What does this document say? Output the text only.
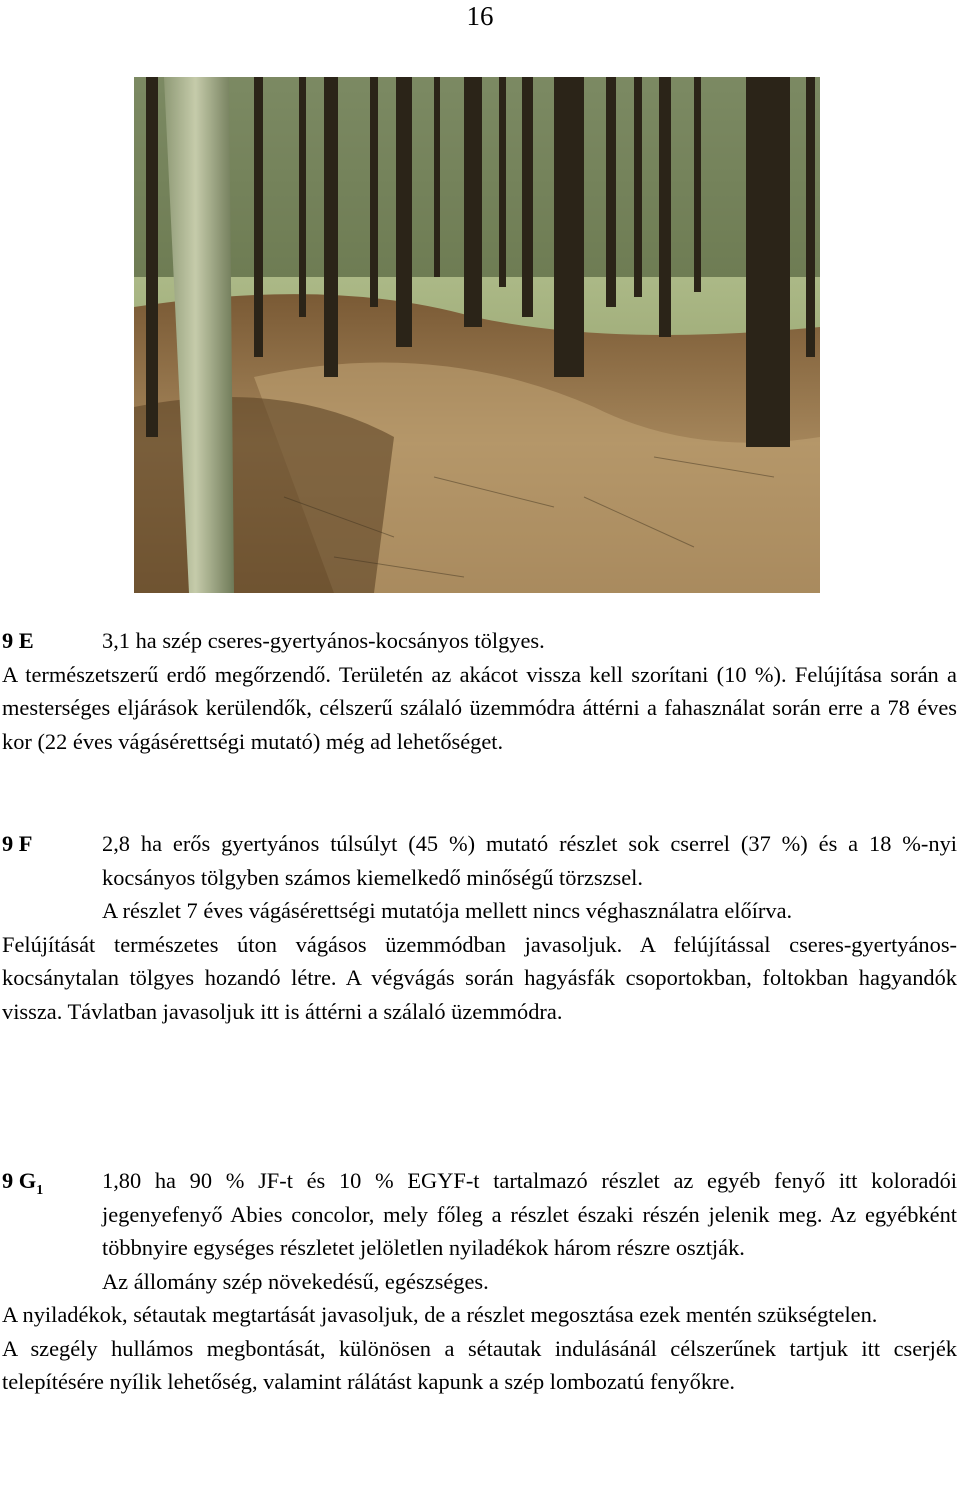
16
9 E	3,1 ha szép cseres-gyertyános-kocsányos tölgyes.
A természetszerű erdő megőrzendő. Területén az akácot vissza kell szorítani (10 %). Felújítása során a mesterséges eljárások kerülendők, célszerű szálaló üzemmódra áttérni a fahasználat során erre a 78 éves kor (22 éves vágásérettségi mutató) még ad lehetőséget.
9 F	2,8 ha erős gyertyános túlsúlyt (45 %) mutató részlet sok cserrel (37 %) és a 18 %-nyi kocsányos tölgyben számos kiemelkedő minőségű törzszsel.
A részlet 7 éves vágásérettségi mutatója mellett nincs véghasználatra előírva.
Felújítását természetes úton vágásos üzemmódban javasoljuk. A felújítással cseres-gyertyános-kocsánytalan tölgyes hozandó létre. A végvágás során hagyásfák csoportokban, foltokban hagyandók vissza. Távlatban javasoljuk itt is áttérni a szálaló üzemmódra.
9 $G_1$	1,80 ha 90 % JF-t és 10 % EGYF-t tartalmazó részlet az egyéb fenyő itt koloradói jegenyefenyő Abies concolor, mely főleg a részlet északi részén jelenik meg. Az egyébként többnyire egységes részletet jelöletlen nyiladékok három részre osztják.
Az állomány szép növekedésű, egészséges.
A nyiladékok, sétautak megtartását javasoljuk, de a részlet megosztása ezek mentén szükségtelen.
A szegély hullámos megbontását, különösen a sétautak indulásánál célszerűnek tartjuk itt cserjék telepítésére nyílik lehetőség, valamint rálátást kapunk a szép lombozatú fenyőkre.
